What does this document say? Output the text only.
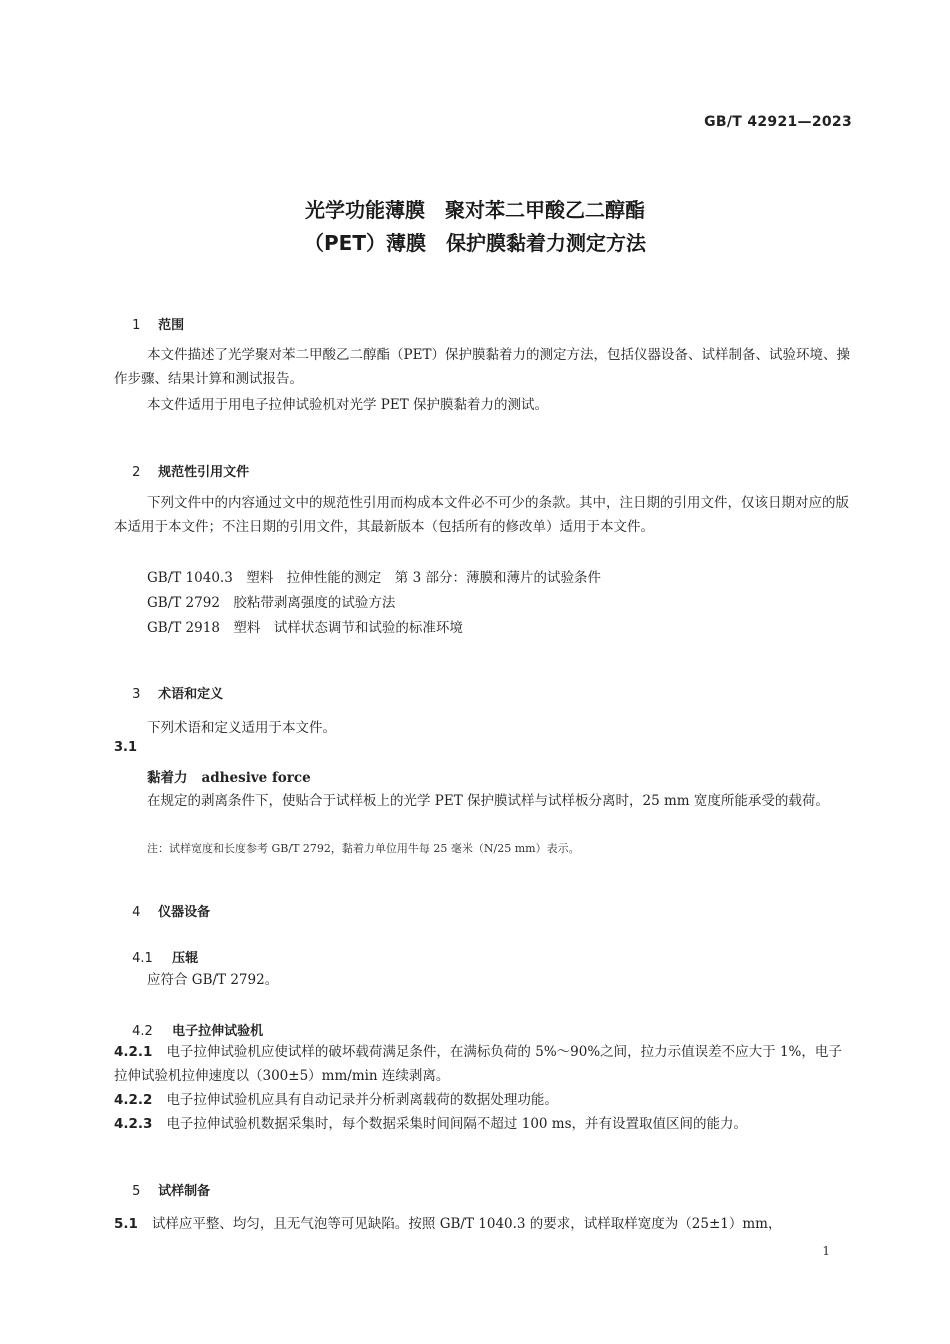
GB/T 42921—2023
光学功能薄膜　聚对苯二甲酸乙二醇酯
（PET）薄膜　保护膜黏着力测定方法

1 范围

本文件描述了光学聚对苯二甲酸乙二醇酯（PET）保护膜黏着力的测定方法，包括仪器设备、试样制备、试验环境、操作步骤、结果计算和测试报告。
本文件适用于用电子拉伸试验机对光学 PET 保护膜黏着力的测试。

2 规范性引用文件

下列文件中的内容通过文中的规范性引用而构成本文件必不可少的条款。其中，注日期的引用文件，仅该日期对应的版本适用于本文件；不注日期的引用文件，其最新版本（包括所有的修改单）适用于本文件。
GB/T 1040.3　塑料　拉伸性能的测定　第 3 部分：薄膜和薄片的试验条件
GB/T 2792　胶粘带剥离强度的试验方法
GB/T 2918　塑料　试样状态调节和试验的标准环境

3 术语和定义

下列术语和定义适用于本文件。
3.1
黏着力 adhesive force
在规定的剥离条件下，使贴合于试样板上的光学 PET 保护膜试样与试样板分离时，25 mm 宽度所能承受的载荷。
注：试样宽度和长度参考 GB/T 2792，黏着力单位用牛每 25 毫米（N/25 mm）表示。

4 仪器设备

4.1 压辊

应符合 GB/T 2792。

4.2 电子拉伸试验机

4.2.1 电子拉伸试验机应使试样的破坏载荷满足条件，在满标负荷的 5%～90%之间，拉力示值误差不应大于 1%，电子拉伸试验机拉伸速度以（300±5）mm/min 连续剥离。
4.2.2 电子拉伸试验机应具有自动记录并分析剥离载荷的数据处理功能。
4.2.3 电子拉伸试验机数据采集时，每个数据采集时间间隔不超过 100 ms，并有设置取值区间的能力。

5 试样制备

5.1 试样应平整、均匀，且无气泡等可见缺陷。按照 GB/T 1040.3 的要求，试样取样宽度为（25±1）mm，
1
